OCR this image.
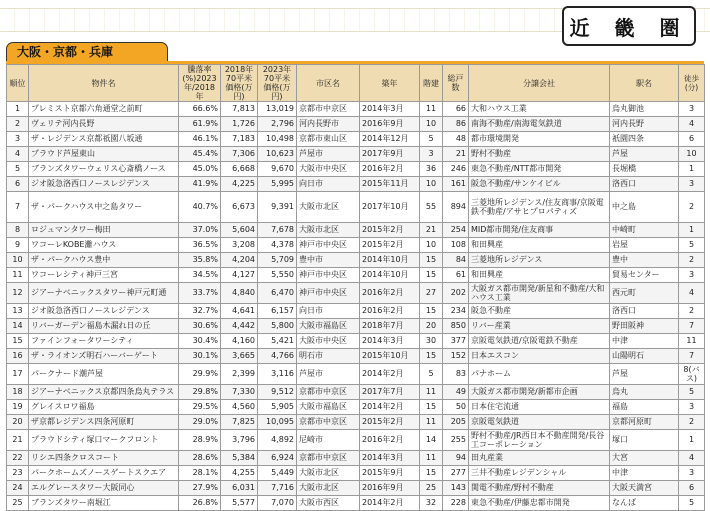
近 畿 圏
大阪・京都・兵庫
順位	物件名	騰落率(%)2023年/2018年	2018年70平米価格(万円)	2023年70平米価格(万円)	市区名	築年	階建	総戸数	分譲会社	駅名	徒歩(分)
1	プレミスト京都六角通堂之前町	66.6%	7,813	13,019	京都市中京区	2014年3月	11	66	大和ハウス工業	烏丸御池	3
2	ヴェリテ河内長野	61.9%	1,726	2,796	河内長野市	2016年9月	10	86	南海不動産/南海電気鉄道	河内長野	4
3	ザ・レジデンス京都祇園八坂通	46.1%	7,183	10,498	京都市東山区	2014年12月	5	48	都市環境開発	祇園四条	6
4	プラウド芦屋東山	45.4%	7,306	10,623	芦屋市	2017年9月	3	21	野村不動産	芦屋	10
5	ブランズタワーウェリス心斎橋ノース	45.0%	6,668	9,670	大阪市中央区	2016年2月	36	246	東急不動産/NTT都市開発	長堀橋	1
6	ジオ阪急洛西口ノースレジデンス	41.9%	4,225	5,995	向日市	2015年11月	10	161	阪急不動産/サンケイビル	洛西口	3
7	ザ・パークハウス中之島タワー	40.7%	6,673	9,391	大阪市北区	2017年10月	55	894	三菱地所レジデンス/住友商事/京阪電鉄不動産/アサヒプロパティズ	中之島	2
8	ロジュマンタワー梅田	37.0%	5,604	7,678	大阪市北区	2015年2月	21	254	MID都市開発/住友商事	中崎町	1
9	ワコーレKOBE灘ハウス	36.5%	3,208	4,378	神戸市中央区	2015年2月	10	108	和田興産	岩屋	5
10	ザ・パークハウス豊中	35.8%	4,204	5,709	豊中市	2014年10月	15	84	三菱地所レジデンス	豊中	2
11	ワコーレシティ神戸三宮	34.5%	4,127	5,550	神戸市中央区	2014年10月	15	61	和田興産	貿易センター	3
12	ジアーナベニックスタワー神戸元町通	33.7%	4,840	6,470	神戸市中央区	2016年2月	27	202	大阪ガス都市開発/新星和不動産/大和ハウス工業	西元町	4
13	ジオ阪急洛西口ノースレジデンス	32.7%	4,641	6,157	向日市	2016年2月	15	234	阪急不動産	洛西口	2
14	リバーガーデン福島木漏れ日の丘	30.6%	4,442	5,800	大阪市福島区	2018年7月	20	850	リバー産業	野田阪神	7
15	ファインフォータワーシティ	30.4%	4,160	5,421	大阪市中央区	2014年3月	30	377	京阪電気鉄道/京阪電鉄不動産	中津	11
16	ザ・ライオンズ明石ハーバーゲート	30.1%	3,665	4,766	明石市	2015年10月	15	152	日本エスコン	山陽明石	7
17	パークナード潮芦屋	29.9%	2,399	3,116	芦屋市	2014年2月	5	83	パナホーム	芦屋	8(バス)
18	ジアーナベニックス京都四条烏丸テラス	29.8%	7,330	9,512	京都市中京区	2017年7月	11	49	大阪ガス都市開発/新都市企画	烏丸	5
19	グレイスロワ福島	29.5%	4,560	5,905	大阪市福島区	2014年2月	15	50	日本住宅流通	福島	3
20	ザ京都レジデンス四条河原町	29.0%	7,825	10,095	京都市中京区	2015年2月	11	205	京阪電気鉄道	京都河原町	2
21	プラウドシティ塚口マークフロント	28.9%	3,796	4,892	尼崎市	2016年2月	14	255	野村不動産/JR西日本不動産開発/長谷工コーポレーション	塚口	1
22	リシエ四条クロスコート	28.6%	5,384	6,924	京都市中京区	2014年3月	11	94	田丸産業	大宮	4
23	パークホームズノースゲートスクエア	28.1%	4,255	5,449	大阪市北区	2015年9月	15	277	三井不動産レジデンシャル	中津	3
24	エルグレースタワー大阪同心	27.9%	6,031	7,716	大阪市北区	2016年9月	25	143	関電不動産/野村不動産	大阪天満宮	6
25	ブランズタワー南堀江	26.8%	5,577	7,070	大阪市西区	2014年2月	32	228	東急不動産/伊藤忠都市開発	なんば	5
